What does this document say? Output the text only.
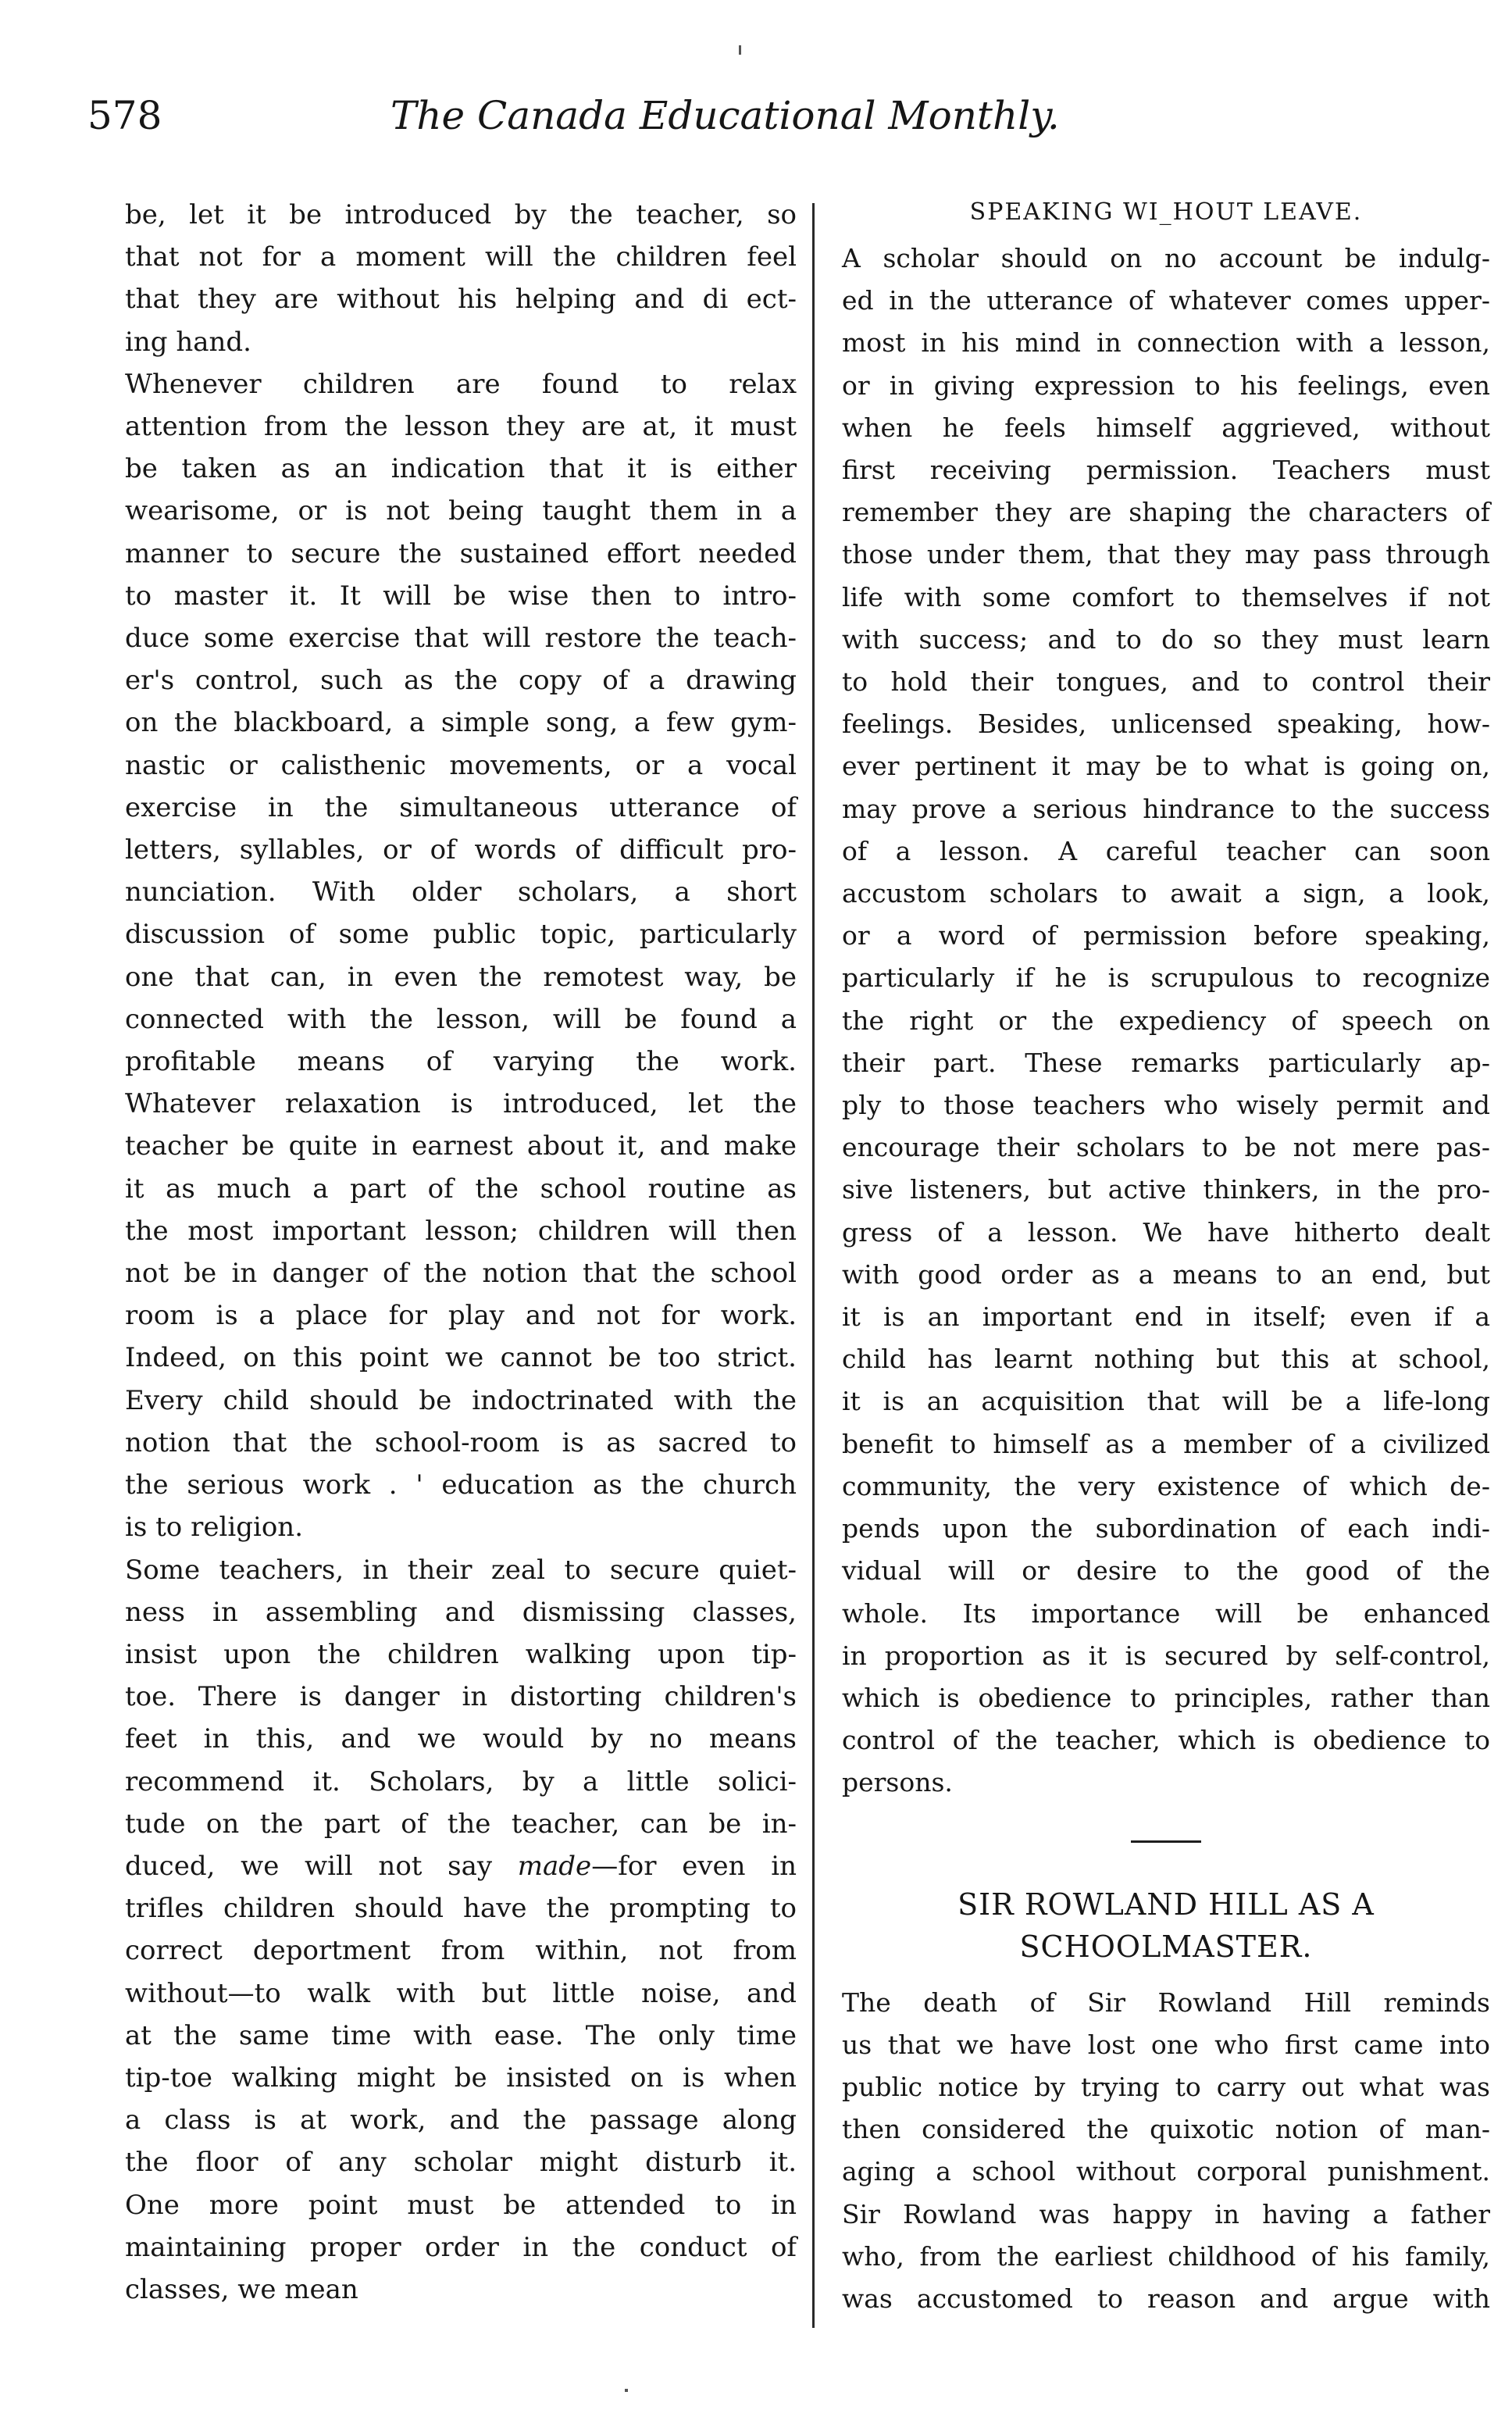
578	The Canada Educational Monthly.
be, let it be introduced by the teacher, so
that not for a moment will the children feel
that they are without his helping and di ect-
ing hand.
Whenever children are found to relax
attention from the lesson they are at, it must
be taken as an indication that it is either
wearisome, or is not being taught them in a
manner to secure the sustained effort needed
to master it. It will be wise then to intro-
duce some exercise that will restore the teach-
er's control, such as the copy of a drawing
on the blackboard, a simple song, a few gym-
nastic or calisthenic movements, or a vocal
exercise in the simultaneous utterance of
letters, syllables, or of words of difficult pro-
nunciation. With older scholars, a short
discussion of some public topic, particularly
one that can, in even the remotest way, be
connected with the lesson, will be found a
profitable means of varying the work.
Whatever relaxation is introduced, let the
teacher be quite in earnest about it, and make
it as much a part of the school routine as
the most important lesson; children will then
not be in danger of the notion that the school
room is a place for play and not for work.
Indeed, on this point we cannot be too strict.
Every child should be indoctrinated with the
notion that the school-room is as sacred to
the serious work . ' education as the church
is to religion.
Some teachers, in their zeal to secure quiet-
ness in assembling and dismissing classes,
insist upon the children walking upon tip-
toe. There is danger in distorting children's
feet in this, and we would by no means
recommend it. Scholars, by a little solici-
tude on the part of the teacher, can be in-
duced, we will not say made—for even in
trifles children should have the prompting to
correct deportment from within, not from
without—to walk with but little noise, and
at the same time with ease. The only time
tip-toe walking might be insisted on is when
a class is at work, and the passage along
the floor of any scholar might disturb it.
One more point must be attended to in
maintaining proper order in the conduct of
classes, we mean
SPEAKING WI_HOUT LEAVE.
A scholar should on no account be indulg-
ed in the utterance of whatever comes upper-
most in his mind in connection with a lesson,
or in giving expression to his feelings, even
when he feels himself aggrieved, without
first receiving permission. Teachers must
remember they are shaping the characters of
those under them, that they may pass through
life with some comfort to themselves if not
with success; and to do so they must learn
to hold their tongues, and to control their
feelings. Besides, unlicensed speaking, how-
ever pertinent it may be to what is going on,
may prove a serious hindrance to the success
of a lesson. A careful teacher can soon
accustom scholars to await a sign, a look,
or a word of permission before speaking,
particularly if he is scrupulous to recognize
the right or the expediency of speech on
their part. These remarks particularly ap-
ply to those teachers who wisely permit and
encourage their scholars to be not mere pas-
sive listeners, but active thinkers, in the pro-
gress of a lesson. We have hitherto dealt
with good order as a means to an end, but
it is an important end in itself; even if a
child has learnt nothing but this at school,
it is an acquisition that will be a life-long
benefit to himself as a member of a civilized
community, the very existence of which de-
pends upon the subordination of each indi-
vidual will or desire to the good of the
whole. Its importance will be enhanced
in proportion as it is secured by self-control,
which is obedience to principles, rather than
control of the teacher, which is obedience to
persons.
SIR ROWLAND HILL AS A
SCHOOLMASTER.
The death of Sir Rowland Hill reminds
us that we have lost one who first came into
public notice by trying to carry out what was
then considered the quixotic notion of man-
aging a school without corporal punishment.
Sir Rowland was happy in having a father
who, from the earliest childhood of his family,
was accustomed to reason and argue with
